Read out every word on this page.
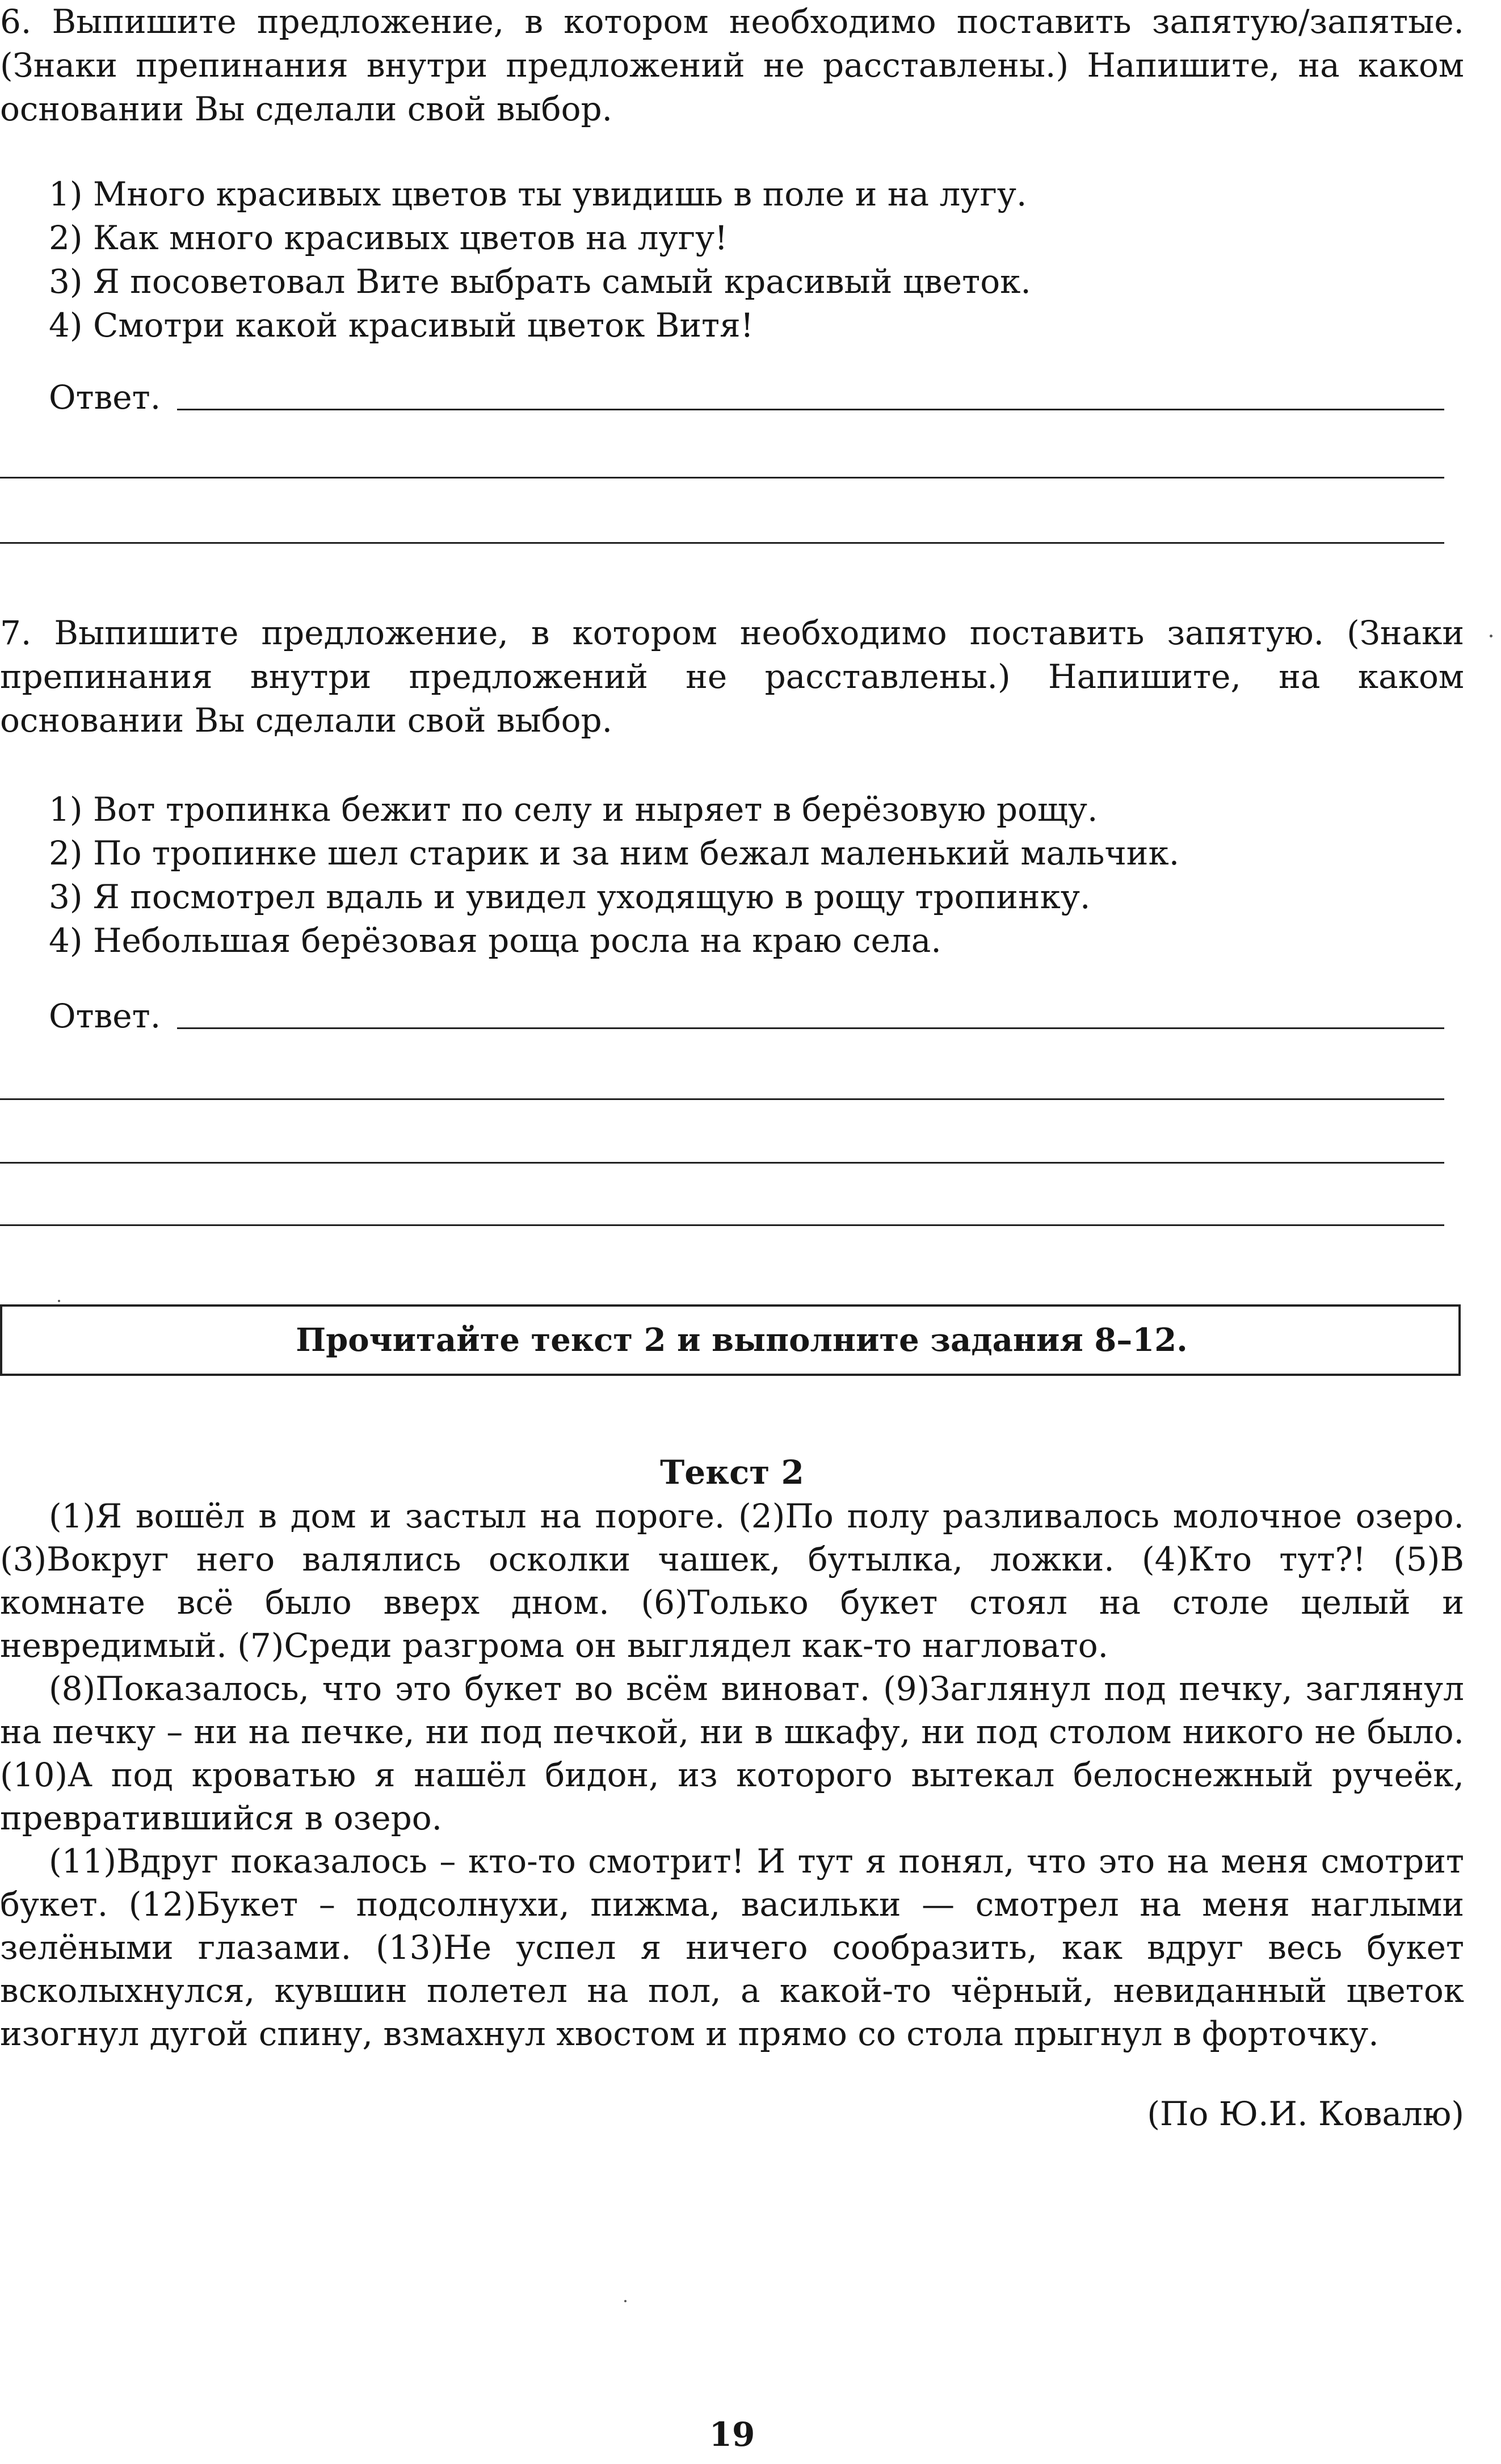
6. Выпишите предложение, в котором необходимо поставить запятую/запятые. (Знаки препинания внутри предложений не расставлены.) Напишите, на каком основании Вы сделали свой выбор.
1) Много красивых цветов ты увидишь в поле и на лугу.
2) Как много красивых цветов на лугу!
3) Я посоветовал Вите выбрать самый красивый цветок.
4) Смотри какой красивый цветок Витя!
Ответ.
7. Выпишите предложение, в котором необходимо поставить запятую. (Знаки препинания внутри предложений не расставлены.) Напишите, на каком основании Вы сделали свой выбор.
1) Вот тропинка бежит по селу и ныряет в берёзовую рощу.
2) По тропинке шел старик и за ним бежал маленький мальчик.
3) Я посмотрел вдаль и увидел уходящую в рощу тропинку.
4) Небольшая берёзовая роща росла на краю села.
Ответ.
Прочитайте текст 2 и выполните задания 8–12.
Текст 2

(1)Я вошёл в дом и застыл на пороге. (2)По полу разливалось молочное озеро. (3)Вокруг него валялись осколки чашек, бутылка, ложки. (4)Кто тут?! (5)В комнате всё было вверх дном. (6)Только букет стоял на столе целый и невредимый. (7)Среди разгрома он выглядел как-то нагловато.

(8)Показалось, что это букет во всём виноват. (9)Заглянул под печку, заглянул на печку – ни на печке, ни под печкой, ни в шкафу, ни под столом никого не было. (10)А под кроватью я нашёл бидон, из которого вытекал белоснежный ручеёк, превратившийся в озеро.

(11)Вдруг показалось – кто-то смотрит! И тут я понял, что это на меня смотрит букет. (12)Букет – подсолнухи, пижма, васильки — смотрел на меня наглыми зелёными глазами. (13)Не успел я ничего сообразить, как вдруг весь букет всколыхнулся, кувшин полетел на пол, а какой-то чёрный, невиданный цветок изогнул дугой спину, взмахнул хвостом и прямо со стола прыгнул в форточку.

(По Ю.И. Ковалю)
19
